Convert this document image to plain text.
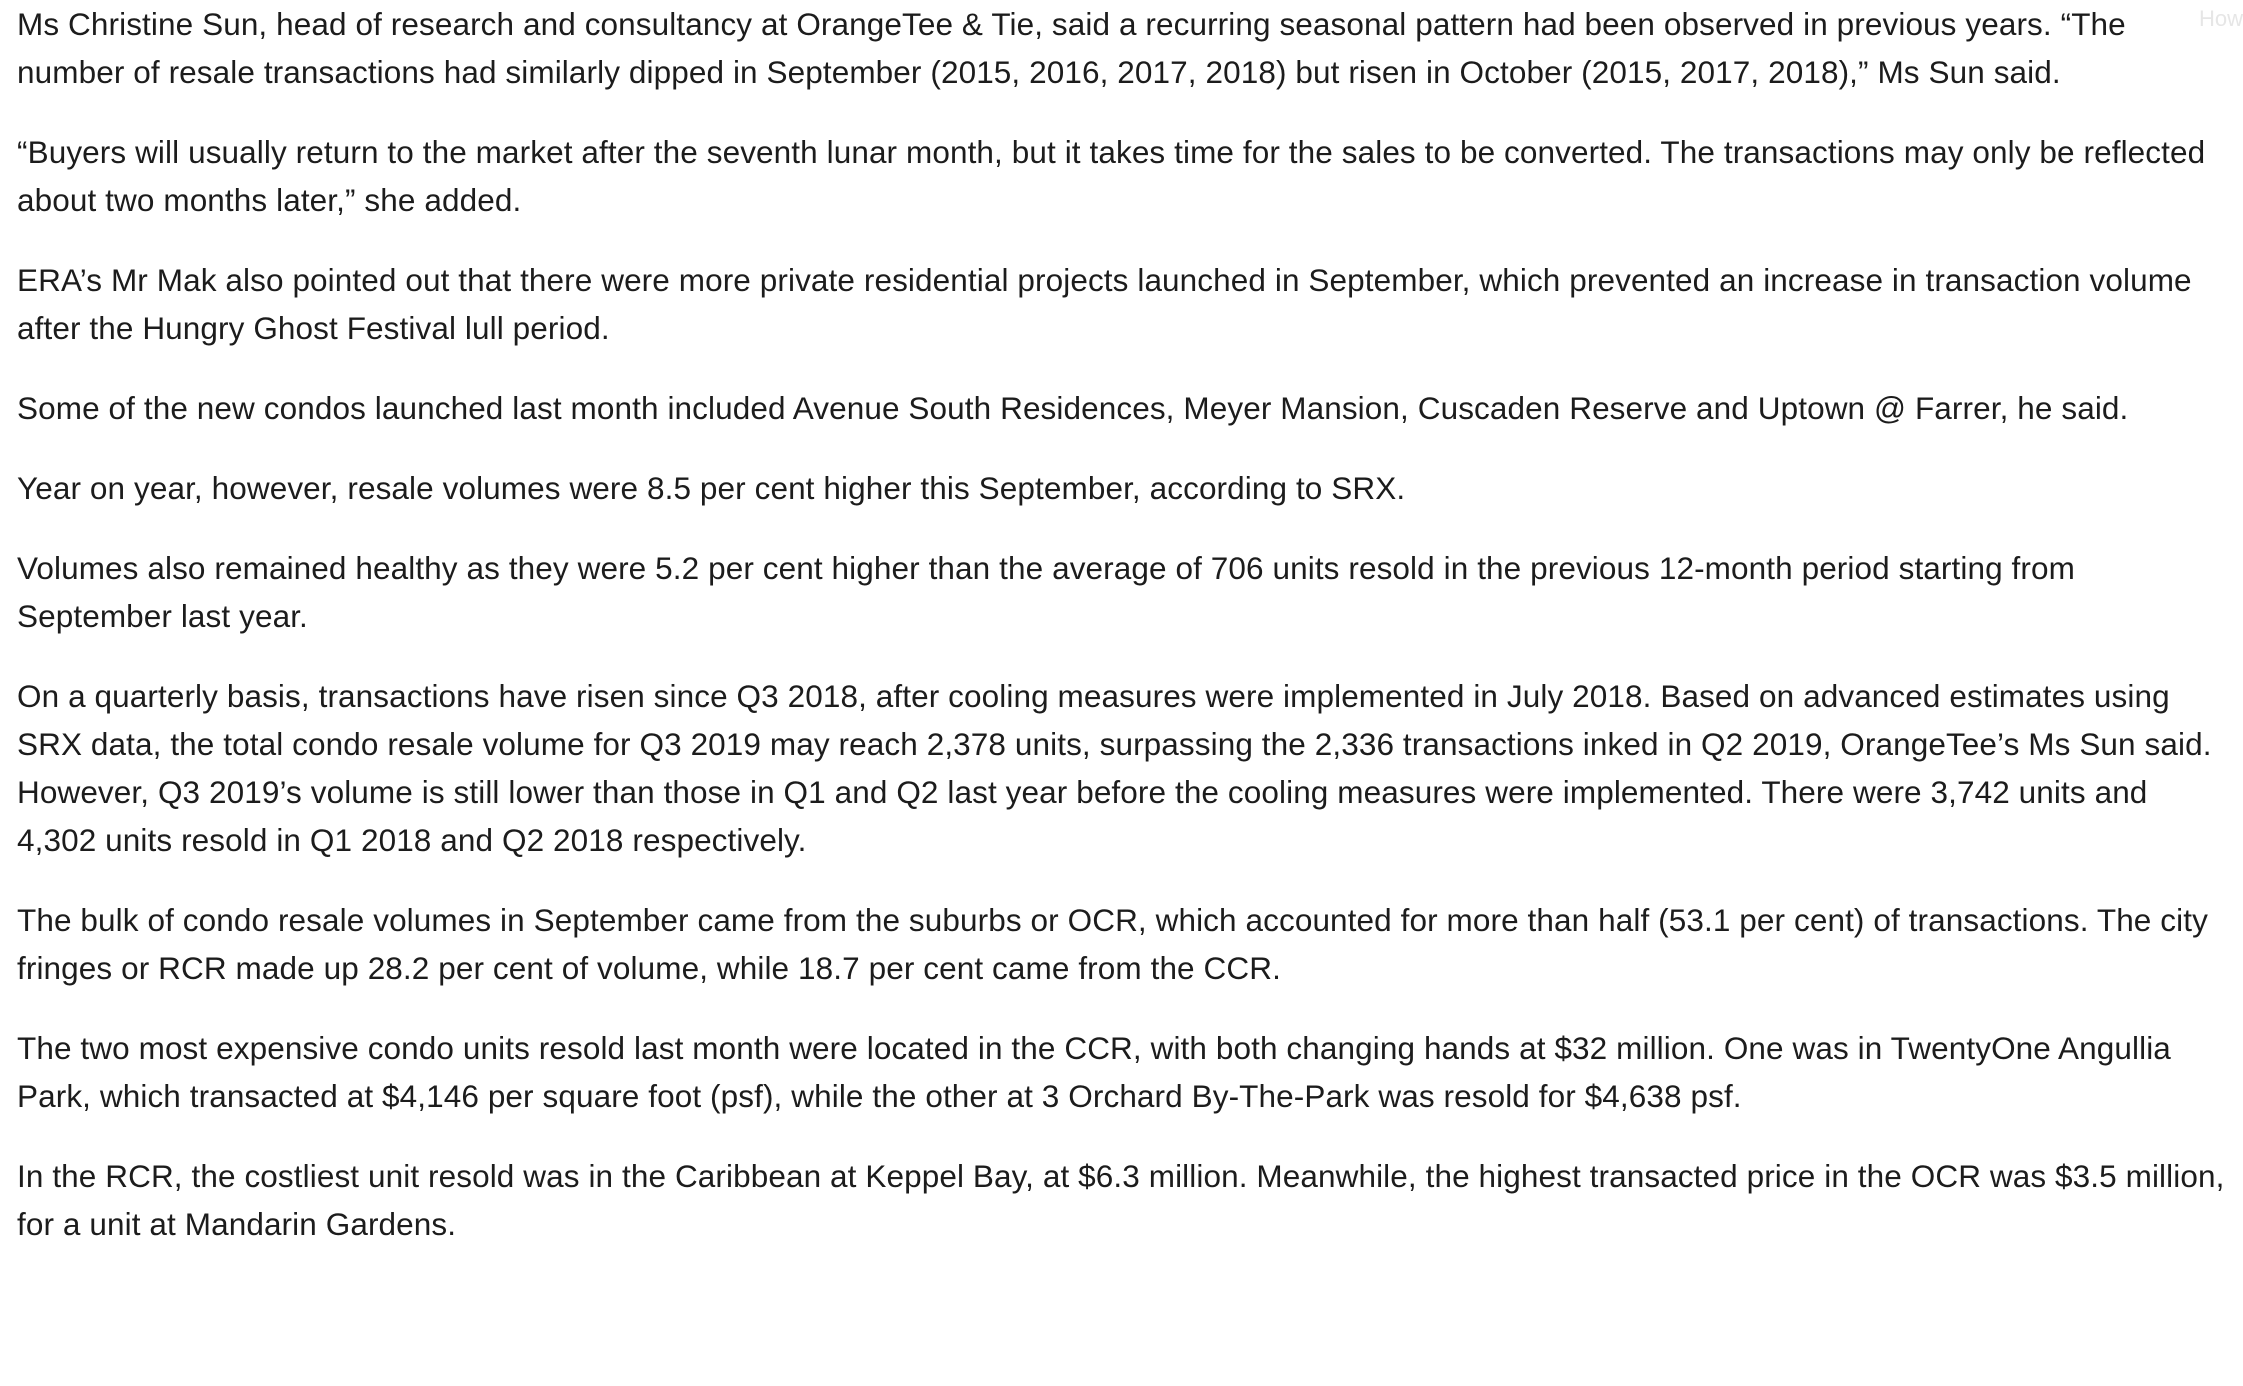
How

Ms Christine Sun, head of research and consultancy at OrangeTee & Tie, said a recurring seasonal pattern had been observed in previous years. “The number of resale transactions had similarly dipped in September (2015, 2016, 2017, 2018) but risen in October (2015, 2017, 2018),” Ms Sun said.

“Buyers will usually return to the market after the seventh lunar month, but it takes time for the sales to be converted. The transactions may only be reflected about two months later,” she added.

ERA’s Mr Mak also pointed out that there were more private residential projects launched in September, which prevented an increase in transaction volume after the Hungry Ghost Festival lull period.

Some of the new condos launched last month included Avenue South Residences, Meyer Mansion, Cuscaden Reserve and Uptown @ Farrer, he said.

Year on year, however, resale volumes were 8.5 per cent higher this September, according to SRX.

Volumes also remained healthy as they were 5.2 per cent higher than the average of 706 units resold in the previous 12-month period starting from September last year.

On a quarterly basis, transactions have risen since Q3 2018, after cooling measures were implemented in July 2018. Based on advanced estimates using SRX data, the total condo resale volume for Q3 2019 may reach 2,378 units, surpassing the 2,336 transactions inked in Q2 2019, OrangeTee’s Ms Sun said. However, Q3 2019’s volume is still lower than those in Q1 and Q2 last year before the cooling measures were implemented. There were 3,742 units and 4,302 units resold in Q1 2018 and Q2 2018 respectively.

The bulk of condo resale volumes in September came from the suburbs or OCR, which accounted for more than half (53.1 per cent) of transactions. The city fringes or RCR made up 28.2 per cent of volume, while 18.7 per cent came from the CCR.

The two most expensive condo units resold last month were located in the CCR, with both changing hands at $32 million. One was in TwentyOne Angullia Park, which transacted at $4,146 per square foot (psf), while the other at 3 Orchard By-The-Park was resold for $4,638 psf.

In the RCR, the costliest unit resold was in the Caribbean at Keppel Bay, at $6.3 million. Meanwhile, the highest transacted price in the OCR was $3.5 million, for a unit at Mandarin Gardens.
